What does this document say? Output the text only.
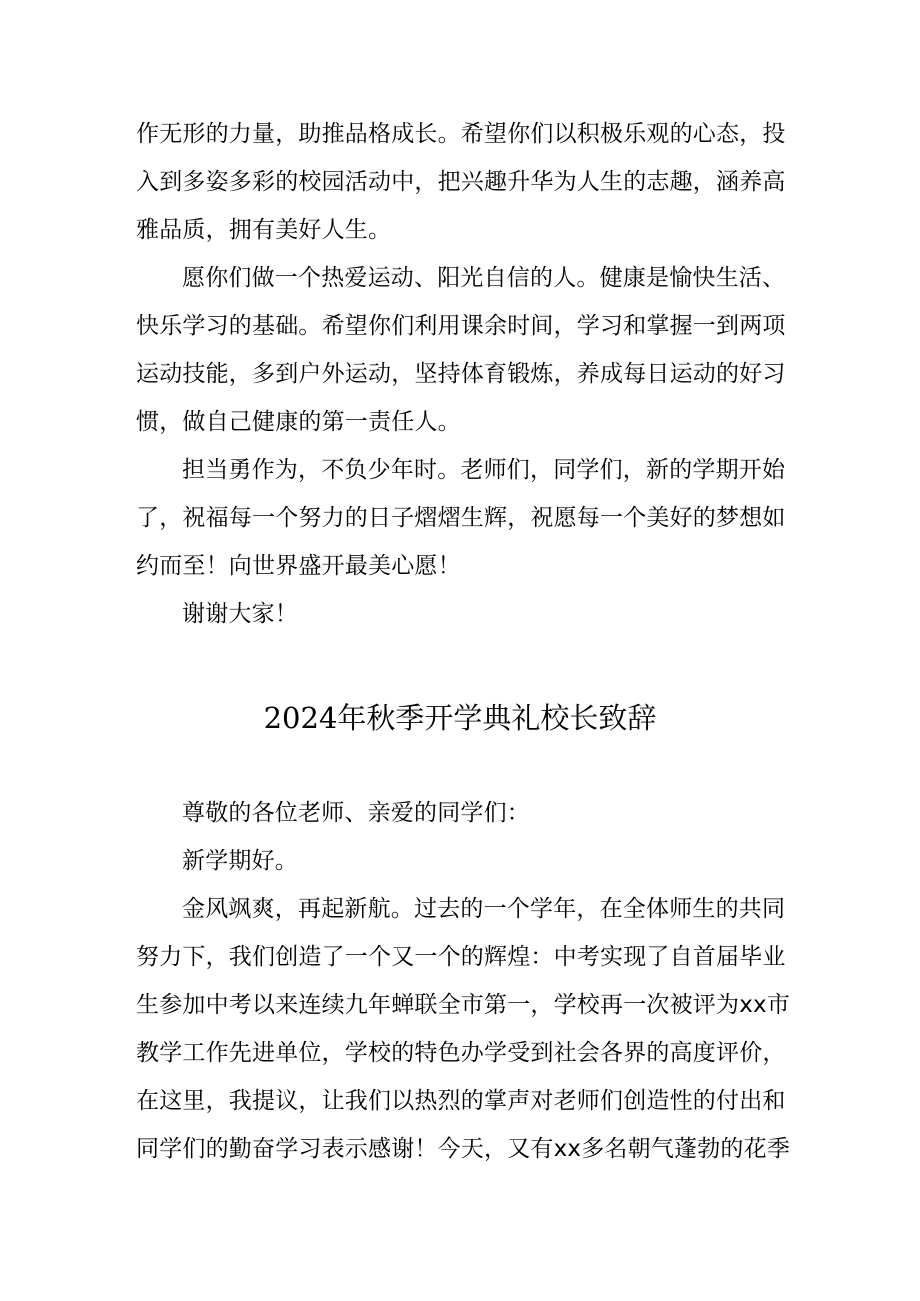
作无形的力量，助推品格成长。希望你们以积极乐观的心态，投
入到多姿多彩的校园活动中，把兴趣升华为人生的志趣，涵养高
雅品质，拥有美好人生。
愿你们做一个热爱运动、阳光自信的人。健康是愉快生活、
快乐学习的基础。希望你们利用课余时间，学习和掌握一到两项
运动技能，多到户外运动，坚持体育锻炼，养成每日运动的好习
惯，做自己健康的第一责任人。
担当勇作为，不负少年时。老师们，同学们，新的学期开始
了，祝福每一个努力的日子熠熠生辉，祝愿每一个美好的梦想如
约而至！向世界盛开最美心愿！
谢谢大家！
2024年秋季开学典礼校长致辞
尊敬的各位老师、亲爱的同学们：
新学期好。
金风飒爽，再起新航。过去的一个学年，在全体师生的共同
努力下，我们创造了一个又一个的辉煌：中考实现了自首届毕业
生参加中考以来连续九年蝉联全市第一，学校再一次被评为xx市
教学工作先进单位，学校的特色办学受到社会各界的高度评价，
在这里，我提议，让我们以热烈的掌声对老师们创造性的付出和
同学们的勤奋学习表示感谢！今天，又有xx多名朝气蓬勃的花季
